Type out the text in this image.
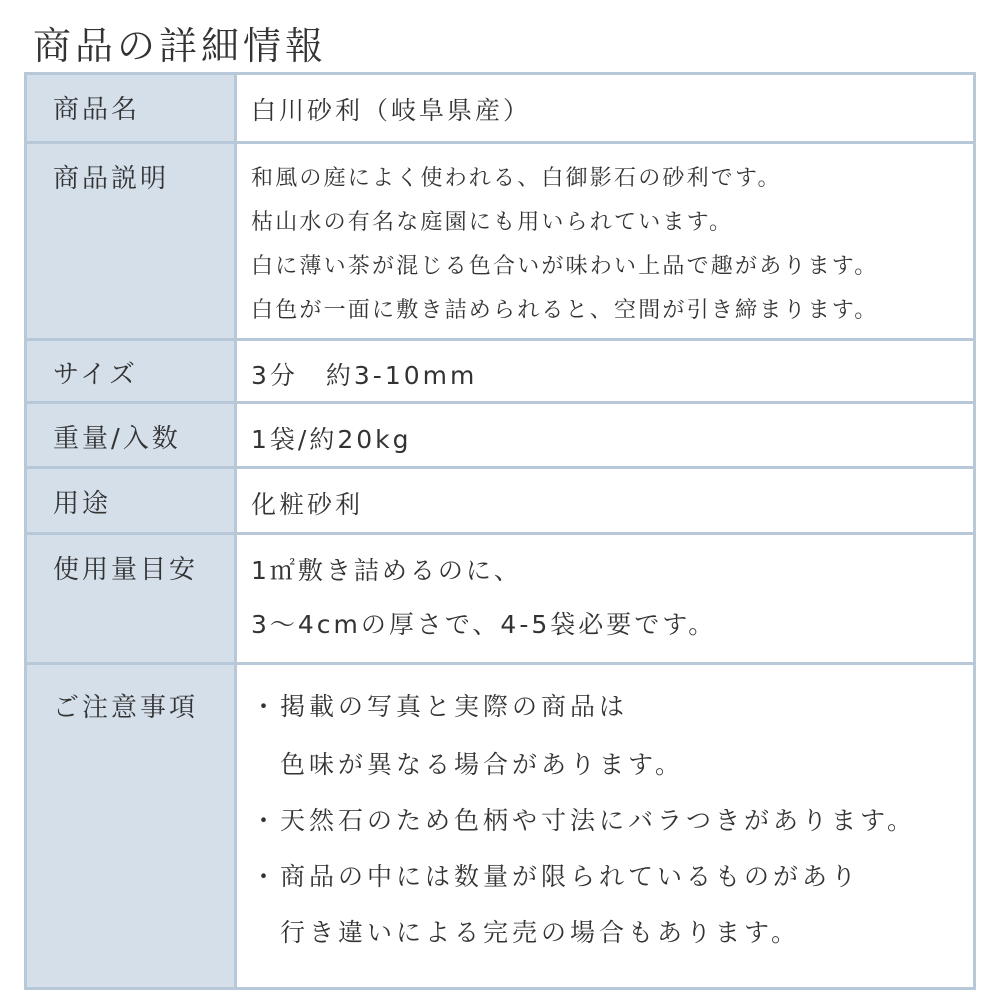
商品の詳細情報
商品名	白川砂利（岐阜県産）
商品説明	和風の庭によく使われる、白御影石の砂利です。
枯山水の有名な庭園にも用いられています。
白に薄い茶が混じる色合いが味わい上品で趣があります。
白色が一面に敷き詰められると、空間が引き締まります。
サイズ	3分　約3-10mm
重量/入数	1袋/約20kg
用途	化粧砂利
使用量目安 1㎡敷き詰めるのに、
3～4cmの厚さで、4-5袋必要です。
ご注意事項 ・掲載の写真と実際の商品は
　色味が異なる場合があります。
・天然石のため色柄や寸法にバラつきがあります。
・商品の中には数量が限られているものがあり
　行き違いによる完売の場合もあります。
